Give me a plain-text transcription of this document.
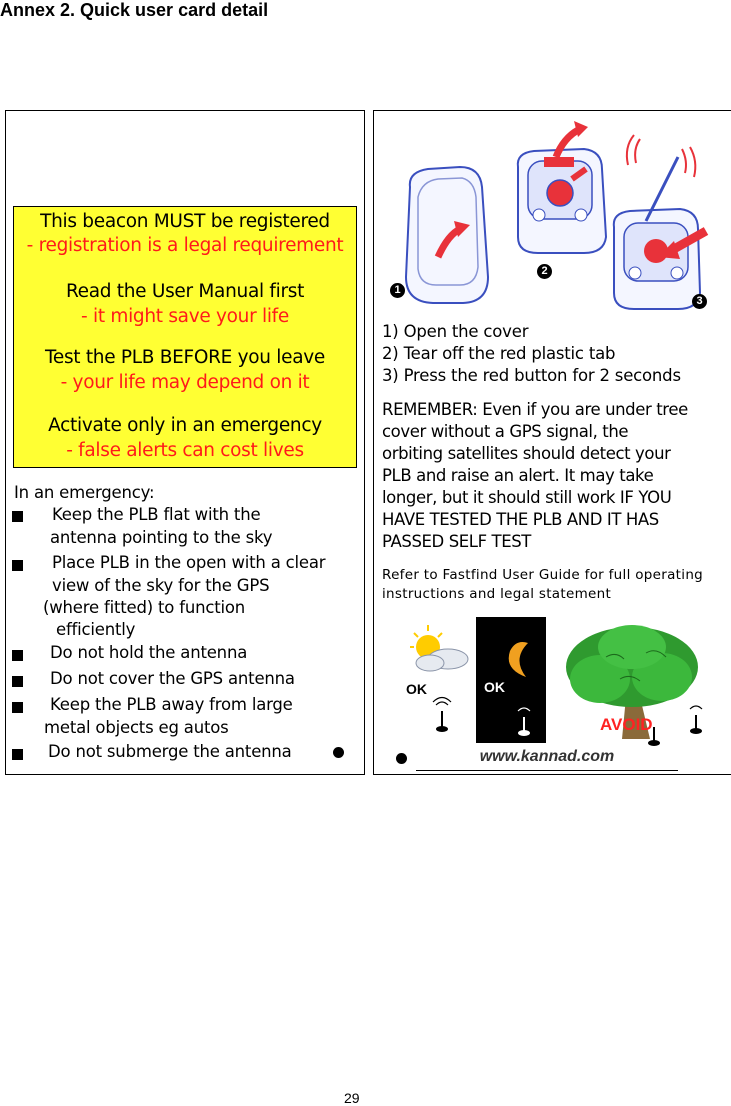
Annex 2. Quick user card detail
This beacon MUST be registered
- registration is a legal requirement
Read the User Manual first
- it might save your life
Test the PLB BEFORE you leave
- your life may depend on it
Activate only in an emergency
- false alerts can cost lives
In an emergency:
Keep the PLB flat with the
antenna pointing to the sky
Place PLB in the open with a clear
view of the sky for the GPS
(where fitted) to function
efficiently
Do not hold the antenna
Do not cover the GPS antenna
Keep the PLB away from large
metal objects eg autos
Do not submerge the antenna
1
2
3
1) Open the cover
2) Tear off the red plastic tab
3) Press the red button for 2 seconds
REMEMBER: Even if you are under tree
cover without a GPS signal, the
orbiting satellites should detect your
PLB and raise an alert. It may take
longer, but it should still work IF YOU
HAVE TESTED THE PLB AND IT HAS
PASSED SELF TEST
Refer to Fastfind User Guide for full operating
instructions and legal statement
OK	OK
AVOID
www.kannad.com
29
